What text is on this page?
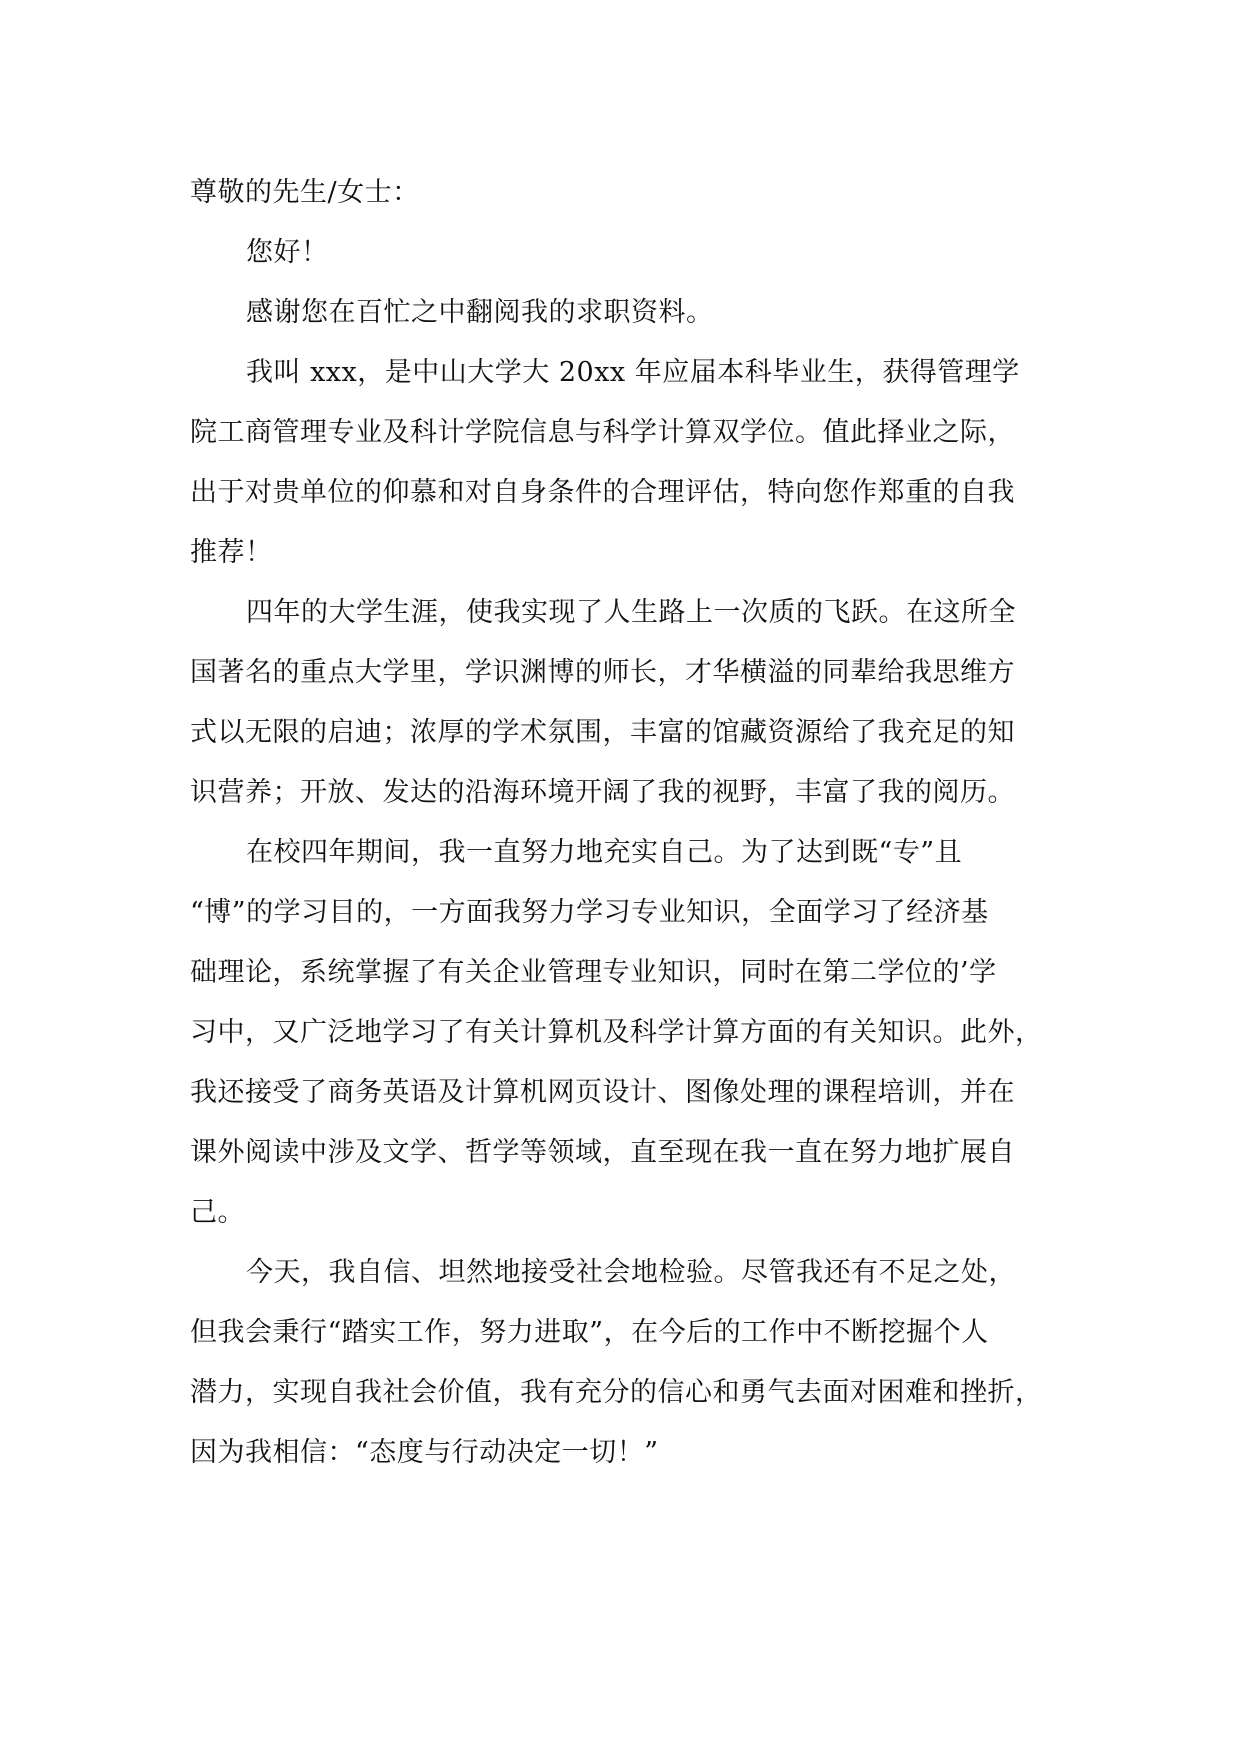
尊敬的先生/女士：
您好！
感谢您在百忙之中翻阅我的求职资料。
我叫 xxx，是中山大学大 20xx 年应届本科毕业生，获得管理学
院工商管理专业及科计学院信息与科学计算双学位。值此择业之际，
出于对贵单位的仰慕和对自身条件的合理评估，特向您作郑重的自我
推荐！
四年的大学生涯，使我实现了人生路上一次质的飞跃。在这所全
国著名的重点大学里，学识渊博的师长，才华横溢的同辈给我思维方
式以无限的启迪；浓厚的学术氛围，丰富的馆藏资源给了我充足的知
识营养；开放、发达的沿海环境开阔了我的视野，丰富了我的阅历。
在校四年期间，我一直努力地充实自己。为了达到既“专”且
“博”的学习目的，一方面我努力学习专业知识，全面学习了经济基
础理论，系统掌握了有关企业管理专业知识，同时在第二学位的’学
习中，又广泛地学习了有关计算机及科学计算方面的有关知识。此外，
我还接受了商务英语及计算机网页设计、图像处理的课程培训，并在
课外阅读中涉及文学、哲学等领域，直至现在我一直在努力地扩展自
己。
今天，我自信、坦然地接受社会地检验。尽管我还有不足之处，
但我会秉行“踏实工作，努力进取”，在今后的工作中不断挖掘个人
潜力，实现自我社会价值，我有充分的信心和勇气去面对困难和挫折，
因为我相信：“态度与行动决定一切！”
